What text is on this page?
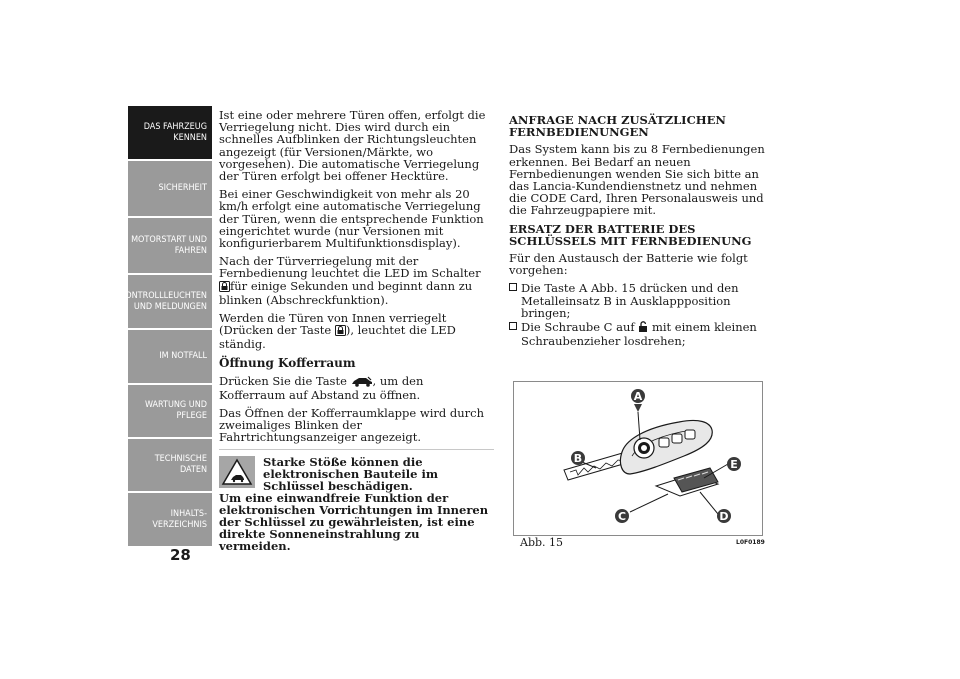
DAS FAHRZEUG
KENNEN
SICHERHEIT
MOTORSTART UND
FAHREN
KONTROLLLEUCHTEN
UND MELDUNGEN
IM NOTFALL
WARTUNG UND
PFLEGE
TECHNISCHE
DATEN
INHALTS-
VERZEICHNIS
28

Ist eine oder mehrere Türen offen, erfolgt die Verriegelung nicht. Dies wird durch ein schnelles Aufblinken der Richtungsleuchten angezeigt (für Versionen/Märkte, wo vorgesehen). Die automatische Verriegelung der Türen erfolgt bei offener Hecktüre.

Bei einer Geschwindigkeit von mehr als 20 km/h erfolgt eine automatische Verriegelung der Türen, wenn die entsprechende Funktion eingerichtet wurde (nur Versionen mit konfigurierbarem Multifunktionsdisplay).

Nach der Türverriegelung mit der Fernbedienung leuchtet die LED im Schalter für einige Sekunden und beginnt dann zu blinken (Abschreckfunktion).

Werden die Türen von Innen verriegelt (Drücken der Taste ), leuchtet die LED ständig.

Öffnung Kofferraum

Drücken Sie die Taste , um den Kofferraum auf Abstand zu öffnen.

Das Öffnen der Kofferraumklappe wird durch zweimaliges Blinken der Fahrtrichtungsanzeiger angezeigt.

Starke Stöße können die elektronischen Bauteile im Schlüssel beschädigen.
Um eine einwandfreie Funktion der elektronischen Vorrichtungen im Inneren der Schlüssel zu gewährleisten, ist eine direkte Sonneneinstrahlung zu vermeiden.
ANFRAGE NACH ZUSÄTZLICHEN FERNBEDIENUNGEN

Das System kann bis zu 8 Fernbedienungen erkennen. Bei Bedarf an neuen Fernbedienungen wenden Sie sich bitte an das Lancia-Kundendienstnetz und nehmen die CODE Card, Ihren Personalausweis und die Fahrzeugpapiere mit.

ERSATZ DER BATTERIE DES SCHLÜSSELS MIT FERNBEDIENUNG

Für den Austausch der Batterie wie folgt vorgehen:

Die Taste A Abb. 15 drücken und den Metalleinsatz B in Ausklappposition bringen;
Die Schraube C auf  mit einem kleinen Schraubenzieher losdrehen;
A
B
C	D
E
Abb. 15	L0F0189
